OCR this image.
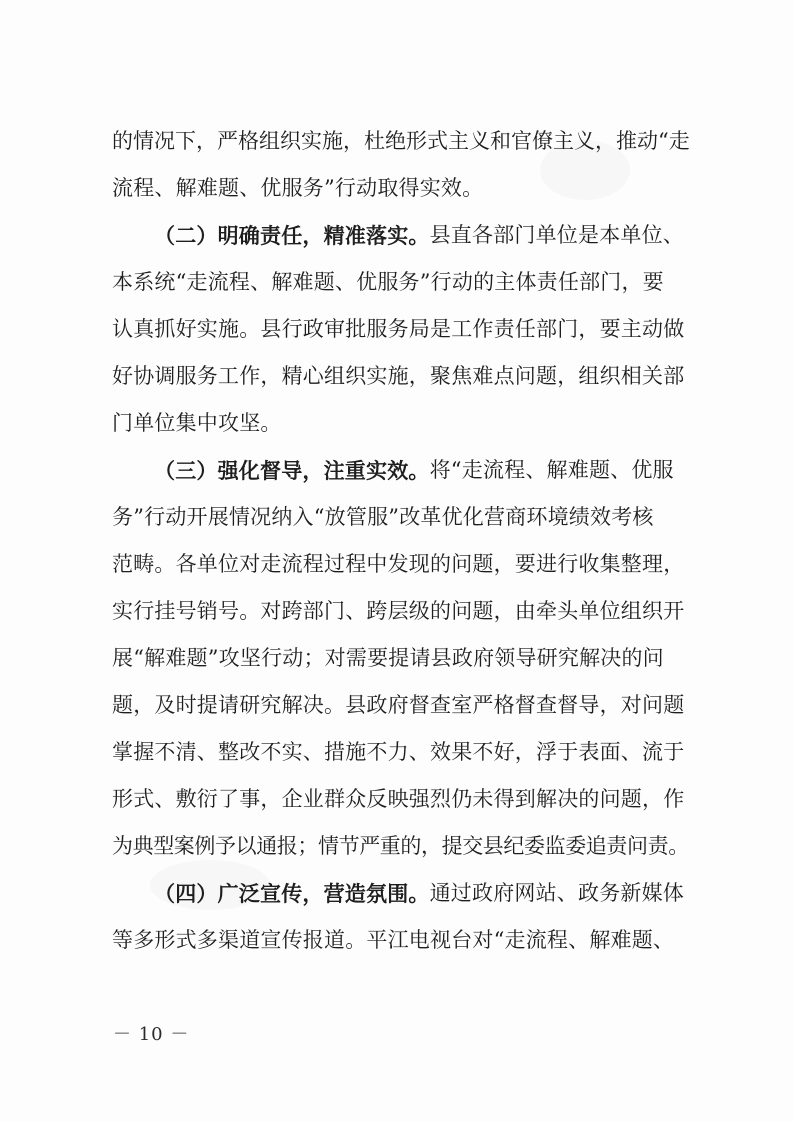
的情况下，严格组织实施，杜绝形式主义和官僚主义，推动“走
流程、解难题、优服务”行动取得实效。
（二）明确责任，精准落实。 县直各部门单位是本单位、
本系统“走流程、解难题、优服务”行动的主体责任部门，要
认真抓好实施。县行政审批服务局是工作责任部门，要主动做
好协调服务工作，精心组织实施，聚焦难点问题，组织相关部
门单位集中攻坚。
（三）强化督导，注重实效。 将“走流程、解难题、优服
务”行动开展情况纳入“放管服”改革优化营商环境绩效考核
范畴。各单位对走流程过程中发现的问题，要进行收集整理，
实行挂号销号。对跨部门、跨层级的问题，由牵头单位组织开
展“解难题”攻坚行动；对需要提请县政府领导研究解决的问
题，及时提请研究解决。县政府督查室严格督查督导，对问题
掌握不清、整改不实、措施不力、效果不好，浮于表面、流于
形式、敷衍了事，企业群众反映强烈仍未得到解决的问题，作
为典型案例予以通报；情节严重的，提交县纪委监委追责问责。
（四）广泛宣传，营造氛围。 通过政府网站、政务新媒体
等多形式多渠道宣传报道。平江电视台对“走流程、解难题、
－ 10 －
